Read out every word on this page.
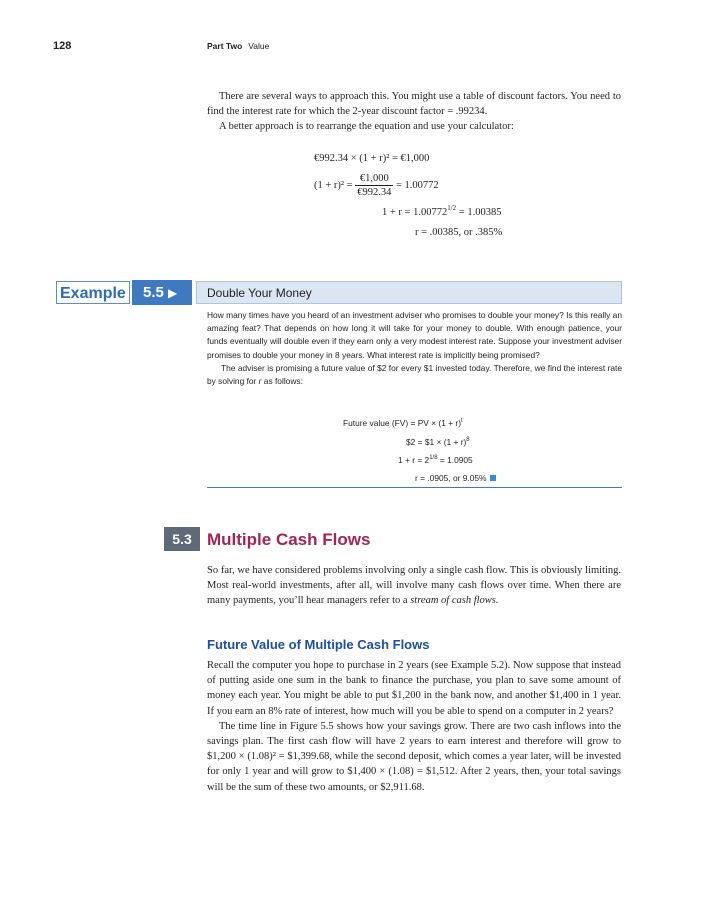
128	Part Two Value

There are several ways to approach this. You might use a table of discount factors. You need to find the interest rate for which the 2-year discount factor = .99234.

A better approach is to rearrange the equation and use your calculator:

€992.34 × (1 + r)² = €1,000
$(1 + r)^2 = \frac{€1,000}{€992.34} = 1.00772$
$1 + r = 1.00772^{1/2} = 1.00385$
r = .00385, or .385%
Example	5.5 ▶	Double Your Money

How many times have you heard of an investment adviser who promises to double your money? Is this really an amazing feat? That depends on how long it will take for your money to double. With enough patience, your funds eventually will double even if they earn only a very modest interest rate. Suppose your investment adviser promises to double your money in 8 years. What interest rate is implicitly being promised?

The adviser is promising a future value of $2 for every $1 invested today. Therefore, we find the interest rate by solving for r as follows:

Future value (FV) = PV × $(1 + r)^t$
$2 = $1 × $(1 + r)^8$
$1 + r = 2^{1/8} = 1.0905$
r = .0905, or 9.05%
5.3 Multiple Cash Flows

So far, we have considered problems involving only a single cash flow. This is obviously limiting. Most real-world investments, after all, will involve many cash flows over time. When there are many payments, you’ll hear managers refer to a stream of cash flows.

Future Value of Multiple Cash Flows

Recall the computer you hope to purchase in 2 years (see Example 5.2). Now suppose that instead of putting aside one sum in the bank to finance the purchase, you plan to save some amount of money each year. You might be able to put $1,200 in the bank now, and another $1,400 in 1 year. If you earn an 8% rate of interest, how much will you be able to spend on a computer in 2 years?

The time line in Figure 5.5 shows how your savings grow. There are two cash inflows into the savings plan. The first cash flow will have 2 years to earn interest and therefore will grow to $1,200 × (1.08)² = $1,399.68, while the second deposit, which comes a year later, will be invested for only 1 year and will grow to $1,400 × (1.08) = $1,512. After 2 years, then, your total savings will be the sum of these two amounts, or $2,911.68.
